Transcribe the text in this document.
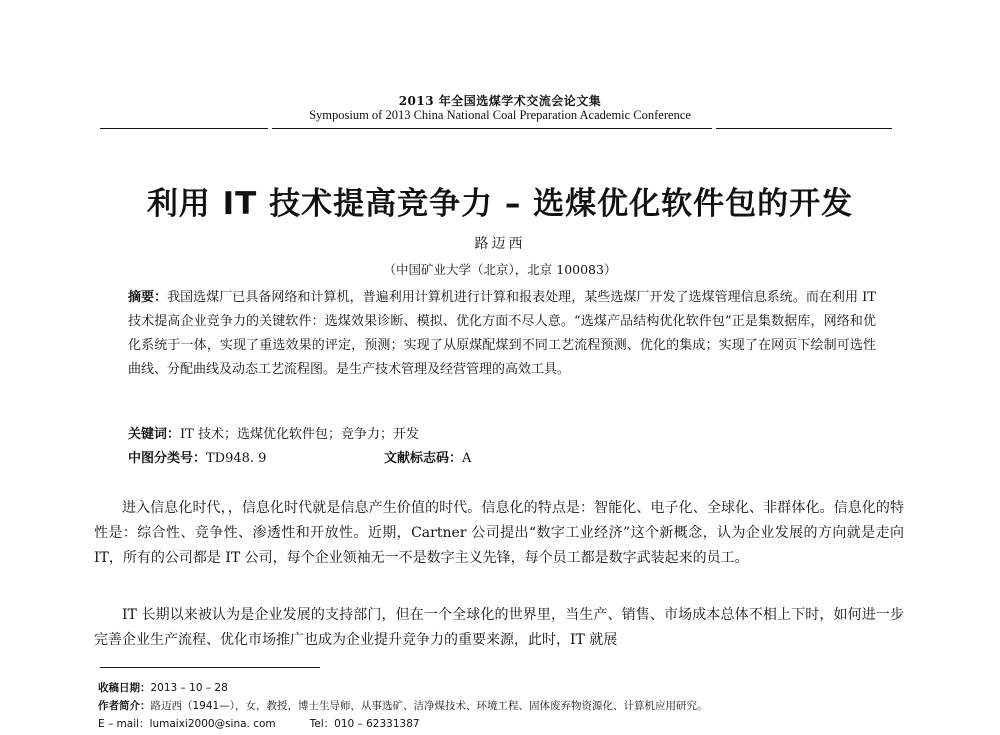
2013 年全国选煤学术交流会论文集
Symposium of 2013 China National Coal Preparation Academic Conference
利用 IT 技术提高竞争力 – 选煤优化软件包的开发
路迈西
（中国矿业大学（北京），北京 100083）
摘要：我国选煤厂已具备网络和计算机，普遍利用计算机进行计算和报表处理，某些选煤厂开发了选煤管理信息系统。而在利用 IT 技术提高企业竞争力的关键软件：选煤效果诊断、模拟、优化方面不尽人意。“选煤产品结构优化软件包”正是集数据库，网络和优化系统于一体，实现了重选效果的评定，预测；实现了从原煤配煤到不同工艺流程预测、优化的集成；实现了在网页下绘制可选性曲线、分配曲线及动态工艺流程图。是生产技术管理及经营管理的高效工具。
关键词：IT 技术；选煤优化软件包；竞争力；开发
中图分类号：TD948. 9	文献标志码：A
进入信息化时代，，信息化时代就是信息产生价值的时代。信息化的特点是：智能化、电子化、全球化、非群体化。信息化的特性是：综合性、竞争性、渗透性和开放性。近期，Cartner 公司提出“数字工业经济”这个新概念，认为企业发展的方向就是走向 IT，所有的公司都是 IT 公司，每个企业领袖无一不是数字主义先锋，每个员工都是数字武装起来的员工。
IT 长期以来被认为是企业发展的支持部门，但在一个全球化的世界里，当生产、销售、市场成本总体不相上下时，如何进一步完善企业生产流程、优化市场推广也成为企业提升竞争力的重要来源，此时，IT 就展
收稿日期：2013 – 10 – 28
作者简介：路迈西（1941—），女，教授，博士生导师，从事选矿、洁净煤技术、环境工程、固体废弃物资源化、计算机应用研究。
E – mail：lumaixi2000@sina. com	Tel：010 – 62331387
